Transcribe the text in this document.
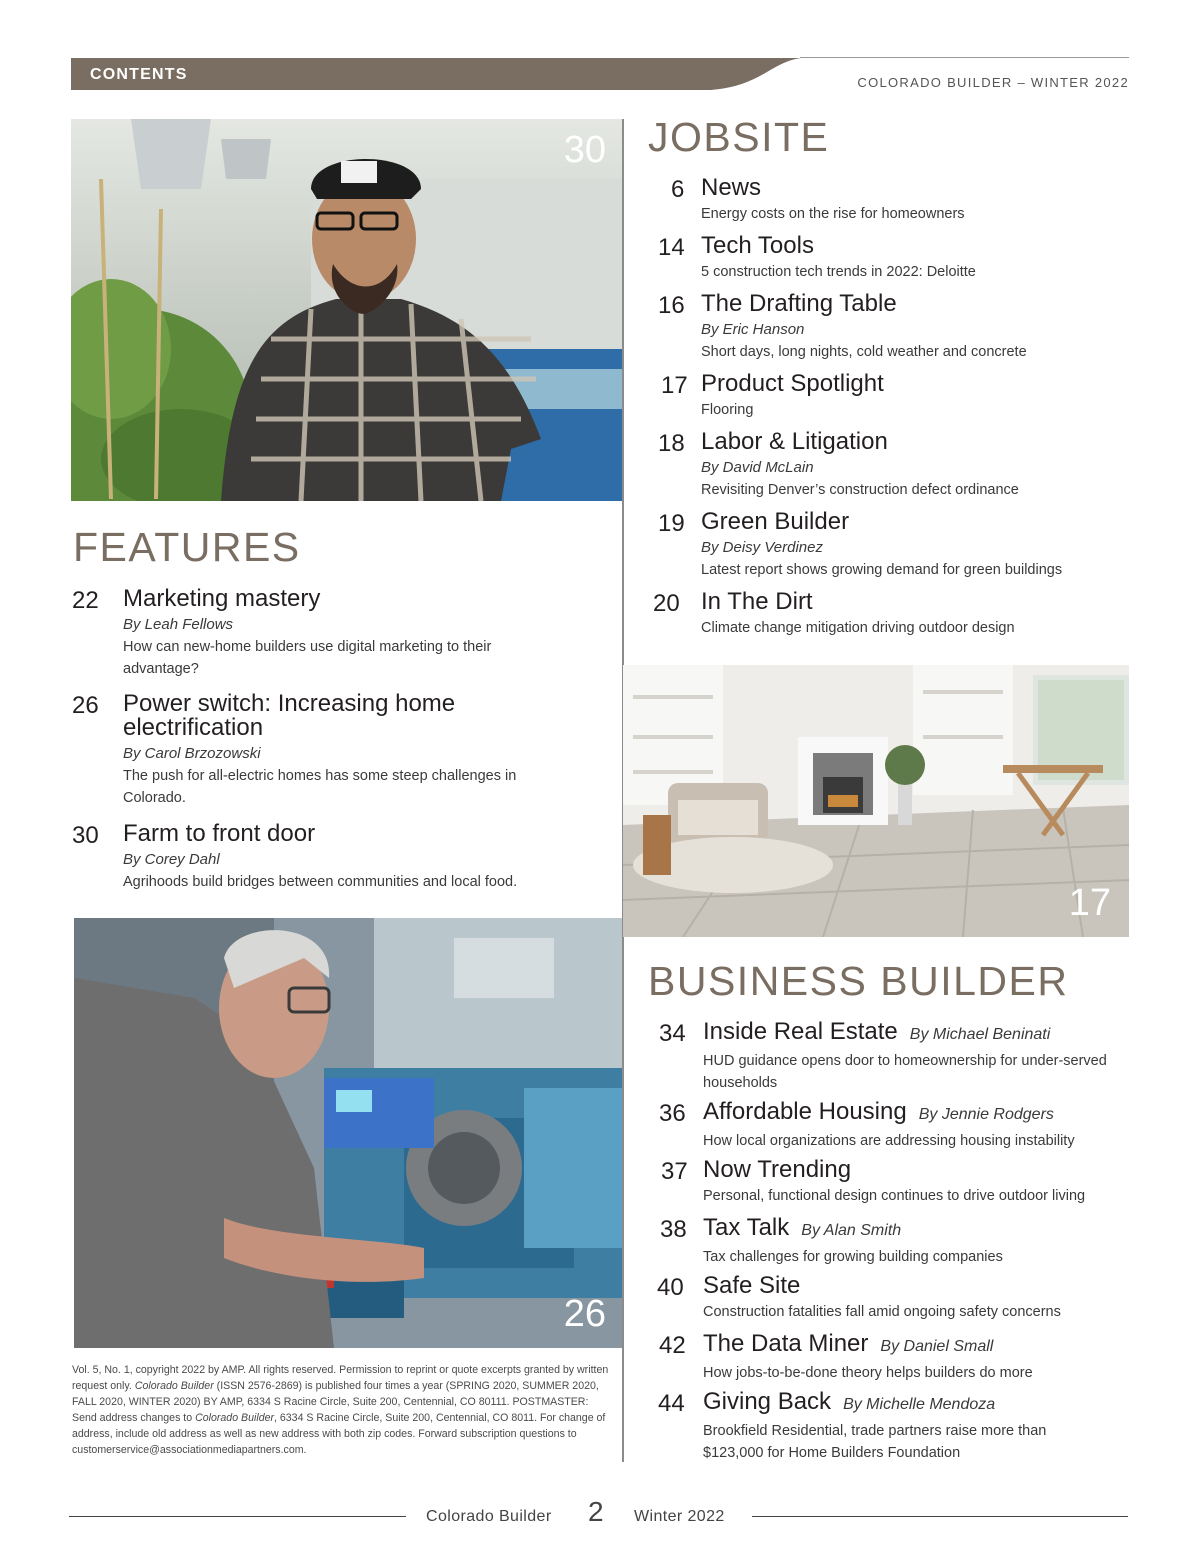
CONTENTS	COLORADO BUILDER – WINTER 2022
30 JOBSITE
6 News
Energy costs on the rise for homeowners
14 Tech Tools
5 construction tech trends in 2022: Deloitte
16 The Drafting Table
By Eric Hanson
Short days, long nights, cold weather and concrete
17 Product Spotlight
Flooring
18 Labor & Litigation
By David McLain
Revisiting Denver’s construction defect ordinance
19 Green Builder
By Deisy Verdinez
Latest report shows growing demand for green buildings
20 In The Dirt
Climate change mitigation driving outdoor design
FEATURES
22 Marketing mastery
By Leah Fellows
How can new-home builders use digital marketing to their advantage?
26 Power switch: Increasing home electrification
By Carol Brzozowski
The push for all-electric homes has some steep challenges in Colorado.
30 Farm to front door
By Corey Dahl
Agrihoods build bridges between communities and local food.	17
BUSINESS BUILDER
34 Inside Real Estate By Michael Beninati
HUD guidance opens door to homeownership for under-served households
36 Affordable Housing By Jennie Rodgers
How local organizations are addressing housing instability
37 Now Trending
Personal, functional design continues to drive outdoor living
38 Tax Talk By Alan Smith
Tax challenges for growing building companies
40 Safe Site
Construction fatalities fall amid ongoing safety concerns
42 The Data Miner By Daniel Small
How jobs-to-be-done theory helps builders do more
44 Giving Back By Michelle Mendoza
Brookfield Residential, trade partners raise more than $123,000 for Home Builders Foundation
26
Vol. 5, No. 1, copyright 2022 by AMP. All rights reserved. Permission to reprint or quote excerpts granted by written request only. Colorado Builder (ISSN 2576-2869) is published four times a year (SPRING 2020, SUMMER 2020, FALL 2020, WINTER 2020) BY AMP, 6334 S Racine Circle, Suite 200, Centennial, CO 80111. POSTMASTER: Send address changes to Colorado Builder, 6334 S Racine Circle, Suite 200, Centennial, CO 8011. For change of address, include old address as well as new address with both zip codes. Forward subscription questions to customerservice@associationmediapartners.com.
Colorado Builder 2 Winter 2022
